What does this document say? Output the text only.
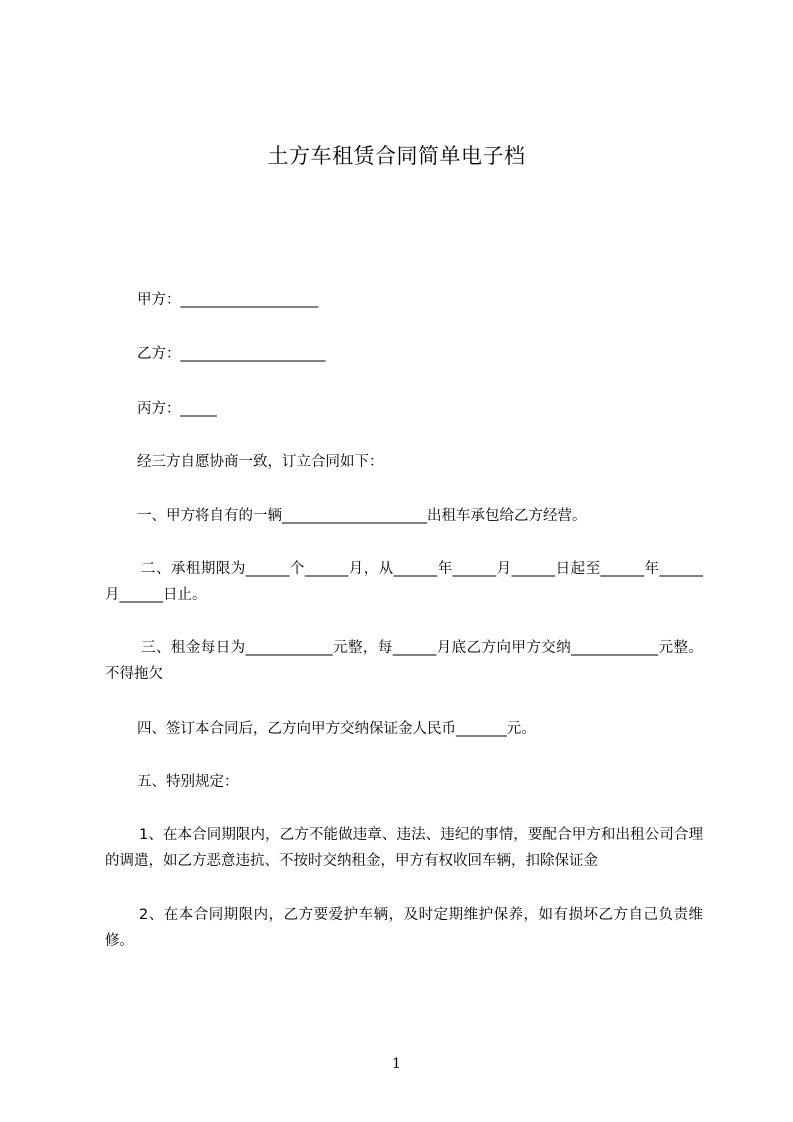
土方车租赁合同简单电子档
甲方：___________________
乙方：____________________
丙方：_____
经三方自愿协商一致，订立合同如下：
一、甲方将自有的一辆____________________出租车承包给乙方经营。
二、承租期限为______个______月，从______年______月______日起至______年______月______日止。
三、租金每日为____________元整，每______月底乙方向甲方交纳____________元整。不得拖欠
四、签订本合同后，乙方向甲方交纳保证金人民币_______元。
五、特别规定：
1、在本合同期限内，乙方不能做违章、违法、违纪的事情，要配合甲方和出租公司合理的调遣，如乙方恶意违抗、不按时交纳租金，甲方有权收回车辆，扣除保证金
2、在本合同期限内，乙方要爱护车辆，及时定期维护保养，如有损坏乙方自己负责维修。
1
